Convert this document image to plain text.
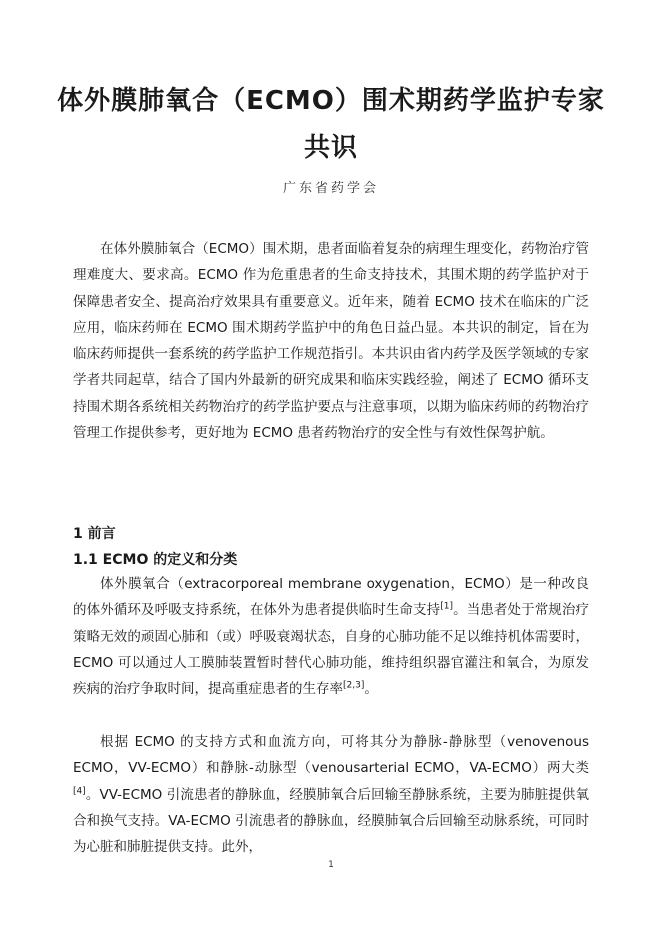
体外膜肺氧合（ECMO）围术期药学监护专家
共识
广东省药学会

在体外膜肺氧合（ECMO）围术期，患者面临着复杂的病理生理变化，药物治疗管理难度大、要求高。ECMO 作为危重患者的生命支持技术，其围术期的药学监护对于保障患者安全、提高治疗效果具有重要意义。近年来，随着 ECMO 技术在临床的广泛应用，临床药师在 ECMO 围术期药学监护中的角色日益凸显。本共识的制定，旨在为临床药师提供一套系统的药学监护工作规范指引。本共识由省内药学及医学领域的专家学者共同起草，结合了国内外最新的研究成果和临床实践经验，阐述了 ECMO 循环支持围术期各系统相关药物治疗的药学监护要点与注意事项，以期为临床药师的药物治疗管理工作提供参考，更好地为 ECMO 患者药物治疗的安全性与有效性保驾护航。

1 前言
1.1 ECMO 的定义和分类

体外膜氧合（extracorporeal membrane oxygenation，ECMO）是一种改良的体外循环及呼吸支持系统，在体外为患者提供临时生命支持[1]。当患者处于常规治疗策略无效的顽固心肺和（或）呼吸衰竭状态，自身的心肺功能不足以维持机体需要时，ECMO 可以通过人工膜肺装置暂时替代心肺功能，维持组织器官灌注和氧合，为原发疾病的治疗争取时间，提高重症患者的生存率[2,3]。

根据 ECMO 的支持方式和血流方向，可将其分为静脉-静脉型（venovenous ECMO，VV-ECMO）和静脉-动脉型（venousarterial ECMO，VA-ECMO）两大类[4]。VV-ECMO 引流患者的静脉血，经膜肺氧合后回输至静脉系统，主要为肺脏提供氧合和换气支持。VA-ECMO 引流患者的静脉血，经膜肺氧合后回输至动脉系统，可同时为心脏和肺脏提供支持。此外，

1
